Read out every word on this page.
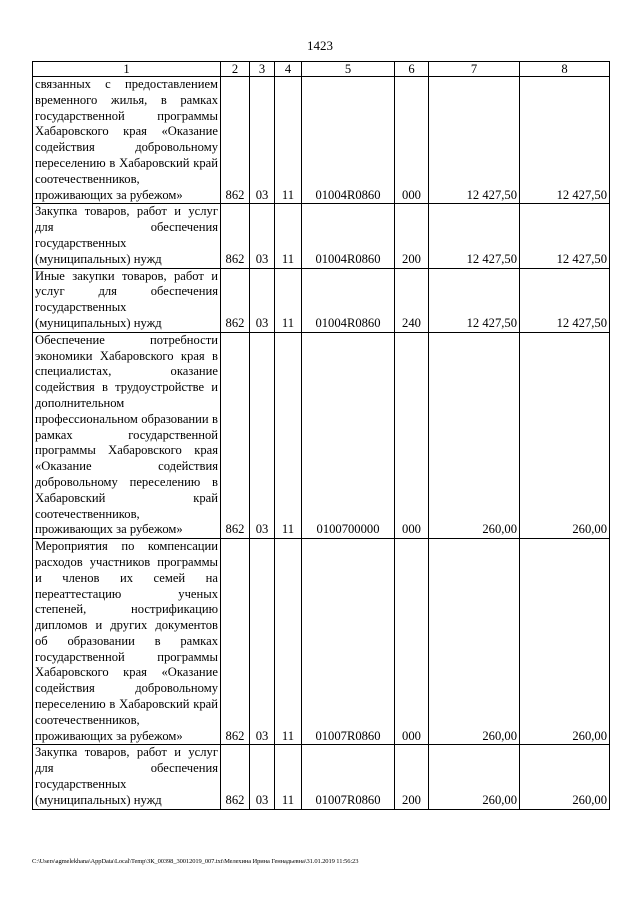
1423
1	2	3	4	5	6	7	8
связанных с предоставлением временного жилья, в рамках государственной программы Хабаровского края «Оказание содействия добровольному переселению в Хабаровский край соотечественников, проживающих за рубежом»	862	03	11	01004R0860	000	12 427,50	12 427,50
Закупка товаров, работ и услуг для обеспечения государственных (муниципальных) нужд	862	03	11	01004R0860	200	12 427,50	12 427,50
Иные закупки товаров, работ и услуг для обеспечения государственных (муниципальных) нужд	862	03	11	01004R0860	240	12 427,50	12 427,50
Обеспечение потребности экономики Хабаровского края в специалистах, оказание содействия в трудоустройстве и дополнительном профессиональном образовании в рамках государственной программы Хабаровского края «Оказание содействия добровольному переселению в Хабаровский край соотечественников, проживающих за рубежом»	862	03	11	0100700000	000	260,00	260,00
Мероприятия по компенсации расходов участников программы и членов их семей на переаттестацию ученых степеней, нострификацию дипломов и других документов об образовании в рамках государственной программы Хабаровского края «Оказание содействия добровольному переселению в Хабаровский край соотечественников, проживающих за рубежом»	862	03	11	01007R0860	000	260,00	260,00
Закупка товаров, работ и услуг для обеспечения государственных (муниципальных) нужд	862	03	11	01007R0860	200	260,00	260,00
C:\Users\agmelekhana\AppData\Local\Temp\ЗК_00398_30012019_007.txt\Мелехина Ирина Геннадьевна\31.01.2019 11:56:23
